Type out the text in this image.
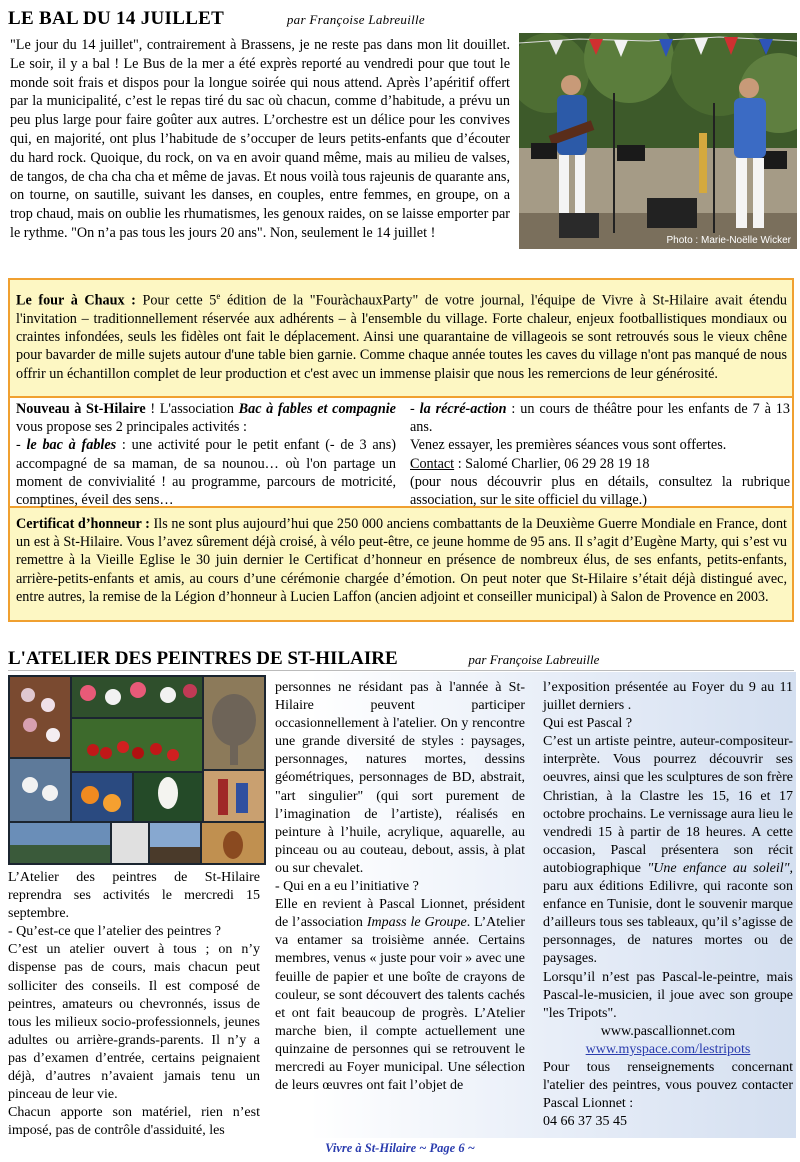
LE BAL DU 14 JUILLET	par Françoise Labreuille
"Le jour du 14 juillet", contrairement à Brassens, je ne reste pas dans mon lit douillet. Le soir, il y a bal ! Le Bus de la mer a été exprès reporté au vendredi pour que tout le monde soit frais et dispos pour la longue soirée qui nous attend. Après l’apéritif offert par la municipalité, c’est le repas tiré du sac où chacun, comme d’habitude, a prévu un peu plus large pour faire goûter aux autres. L’orchestre est un délice pour les convives qui, en majorité, ont plus l’habitude de s’occuper de leurs petits-enfants que d’écouter du hard rock. Quoique, du rock, on va en avoir quand même, mais au milieu de valses, de tangos, de cha cha cha et même de javas. Et nous voilà tous rajeunis de quarante ans, on tourne, on sautille, suivant les danses, en couples, entre femmes, en groupe, on a trop chaud, mais on oublie les rhumatismes, les genoux raides, on se laisse emporter par le rythme. "On n’a pas tous les jours 20 ans". Non, seulement le 14 juillet !	Photo : Marie-Noëlle Wicker
Le four à Chaux : Pour cette 5e édition de la "FouràchauxParty" de votre journal, l'équipe de Vivre à St-Hilaire avait étendu l'invitation – traditionnellement réservée aux adhérents – à l'ensemble du village. Forte chaleur, enjeux footballistiques mondiaux ou craintes infondées, seuls les fidèles ont fait le déplacement. Ainsi une quarantaine de villageois se sont retrouvés sous le vieux chêne pour bavarder de mille sujets autour d'une table bien garnie. Comme chaque année toutes les caves du village n'ont pas manqué de nous offrir un échantillon complet de leur production et c'est avec un immense plaisir que nous les remercions de leur générosité.
Nouveau à St-Hilaire ! L'association Bac à fables et compagnie vous propose ses 2 principales activités :
- le bac à fables : une activité pour le petit enfant (- de 3 ans) accompagné de sa maman, de sa nounou… où l'on partage un moment de convivialité ! au programme, parcours de motricité, comptines, éveil des sens…
- la récré-action : un cours de théâtre pour les enfants de 7 à 13 ans.
Venez essayer, les premières séances vous sont offertes.
Contact : Salomé Charlier, 06 29 28 19 18
(pour nous découvrir plus en détails, consultez la rubrique association, sur le site officiel du village.)
Certificat d’honneur : Ils ne sont plus aujourd’hui que 250 000 anciens combattants de la Deuxième Guerre Mondiale en France, dont un est à St-Hilaire. Vous l’avez sûrement déjà croisé, à vélo peut-être, ce jeune homme de 95 ans. Il s’agit d’Eugène Marty, qui s’est vu remettre à la Vieille Eglise le 30 juin dernier le Certificat d’honneur en présence de nombreux élus, de ses enfants, petits-enfants, arrière-petits-enfants et amis, au cours d’une cérémonie chargée d’émotion. On peut noter que St-Hilaire s’était déjà distingué avec, entre autres, la remise de la Légion d’honneur à Lucien Laffon (ancien adjoint et conseiller municipal) à Salon de Provence en 2003.
L'ATELIER DES PEINTRES DE ST-HILAIRE	par Françoise Labreuille
L’Atelier des peintres de St-Hilaire reprendra ses activités le mercredi 15 septembre.
- Qu’est-ce que l’atelier des peintres ?
C’est un atelier ouvert à tous ; on n’y dispense pas de cours, mais chacun peut solliciter des conseils. Il est composé de peintres, amateurs ou chevronnés, issus de tous les milieux socio-professionnels, jeunes adultes ou arrière-grands-parents. Il n’y a pas d’examen d’entrée, certains peignaient déjà, d’autres n’avaient jamais tenu un pinceau de leur vie.
Chacun apporte son matériel, rien n’est imposé, pas de contrôle d'assiduité, les
personnes ne résidant pas à l'année à St-Hilaire peuvent participer occasionnellement à l'atelier. On y rencontre une grande diversité de styles : paysages, personnages, natures mortes, dessins géométriques, personnages de BD, abstrait, "art singulier" (qui sort purement de l’imagination de l’artiste), réalisés en peinture à l’huile, acrylique, aquarelle, au pinceau ou au couteau, debout, assis, à plat ou sur chevalet.
- Qui en a eu l’initiative ?
Elle en revient à Pascal Lionnet, président de l’association Impass le Groupe. L’Atelier va entamer sa troisième année. Certains membres, venus « juste pour voir » avec une feuille de papier et une boîte de crayons de couleur, se sont découvert des talents cachés et ont fait beaucoup de progrès. L’Atelier marche bien, il compte actuellement une quinzaine de personnes qui se retrouvent le mercredi au Foyer municipal. Une sélection de leurs œuvres ont fait l’objet de
l’exposition présentée au Foyer du 9 au 11 juillet derniers .
Qui est Pascal ?
C’est un artiste peintre, auteur-compositeur-interprète. Vous pourrez découvrir ses oeuvres, ainsi que les sculptures de son frère Christian, à la Clastre les 15, 16 et 17 octobre prochains. Le vernissage aura lieu le vendredi 15 à partir de 18 heures. A cette occasion, Pascal présentera son récit autobiographique "Une enfance au soleil", paru aux éditions Edilivre, qui raconte son enfance en Tunisie, dont le souvenir marque d’ailleurs tous ses tableaux, qu’il s’agisse de personnages, de natures mortes ou de paysages.
Lorsqu’il n’est pas Pascal-le-peintre, mais Pascal-le-musicien, il joue avec son groupe "les Tripots".
www.pascallionnet.com
www.myspace.com/lestripots
Pour tous renseignements concernant l'atelier des peintres, vous pouvez contacter Pascal Lionnet :
04 66 37 35 45
Vivre à St-Hilaire ~ Page 6 ~
